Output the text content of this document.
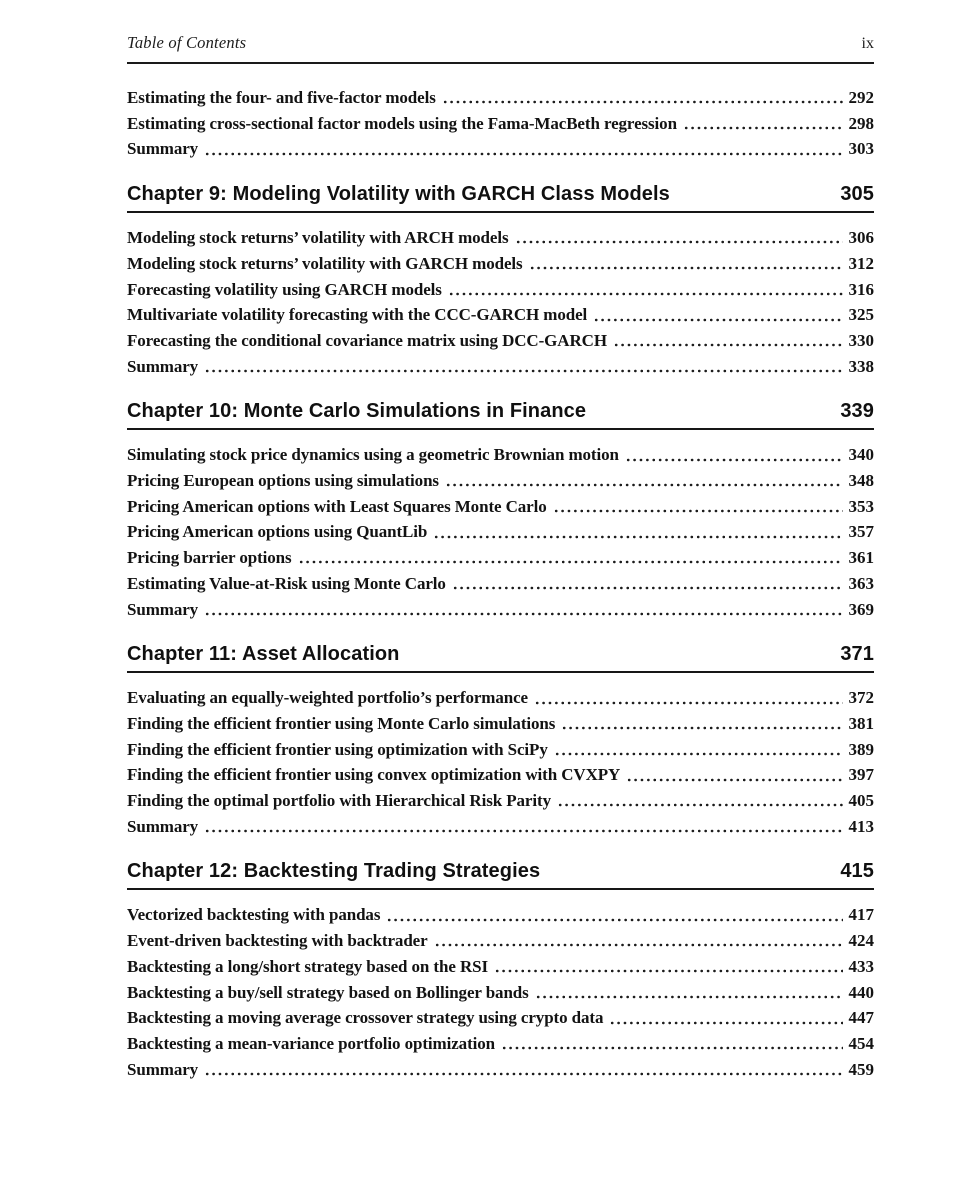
Table of Contents	ix
Estimating the four- and five-factor models	292
Estimating cross-sectional factor models using the Fama-MacBeth regression	298
Summary	303
Chapter 9: Modeling Volatility with GARCH Class Models	305
Modeling stock returns’ volatility with ARCH models	306
Modeling stock returns’ volatility with GARCH models	312
Forecasting volatility using GARCH models	316
Multivariate volatility forecasting with the CCC-GARCH model	325
Forecasting the conditional covariance matrix using DCC-GARCH	330
Summary	338
Chapter 10: Monte Carlo Simulations in Finance	339
Simulating stock price dynamics using a geometric Brownian motion	340
Pricing European options using simulations	348
Pricing American options with Least Squares Monte Carlo	353
Pricing American options using QuantLib	357
Pricing barrier options	361
Estimating Value-at-Risk using Monte Carlo	363
Summary	369
Chapter 11: Asset Allocation	371
Evaluating an equally-weighted portfolio’s performance	372
Finding the efficient frontier using Monte Carlo simulations	381
Finding the efficient frontier using optimization with SciPy	389
Finding the efficient frontier using convex optimization with CVXPY	397
Finding the optimal portfolio with Hierarchical Risk Parity	405
Summary	413
Chapter 12: Backtesting Trading Strategies	415
Vectorized backtesting with pandas	417
Event-driven backtesting with backtrader	424
Backtesting a long/short strategy based on the RSI	433
Backtesting a buy/sell strategy based on Bollinger bands	440
Backtesting a moving average crossover strategy using crypto data	447
Backtesting a mean-variance portfolio optimization	454
Summary	459
